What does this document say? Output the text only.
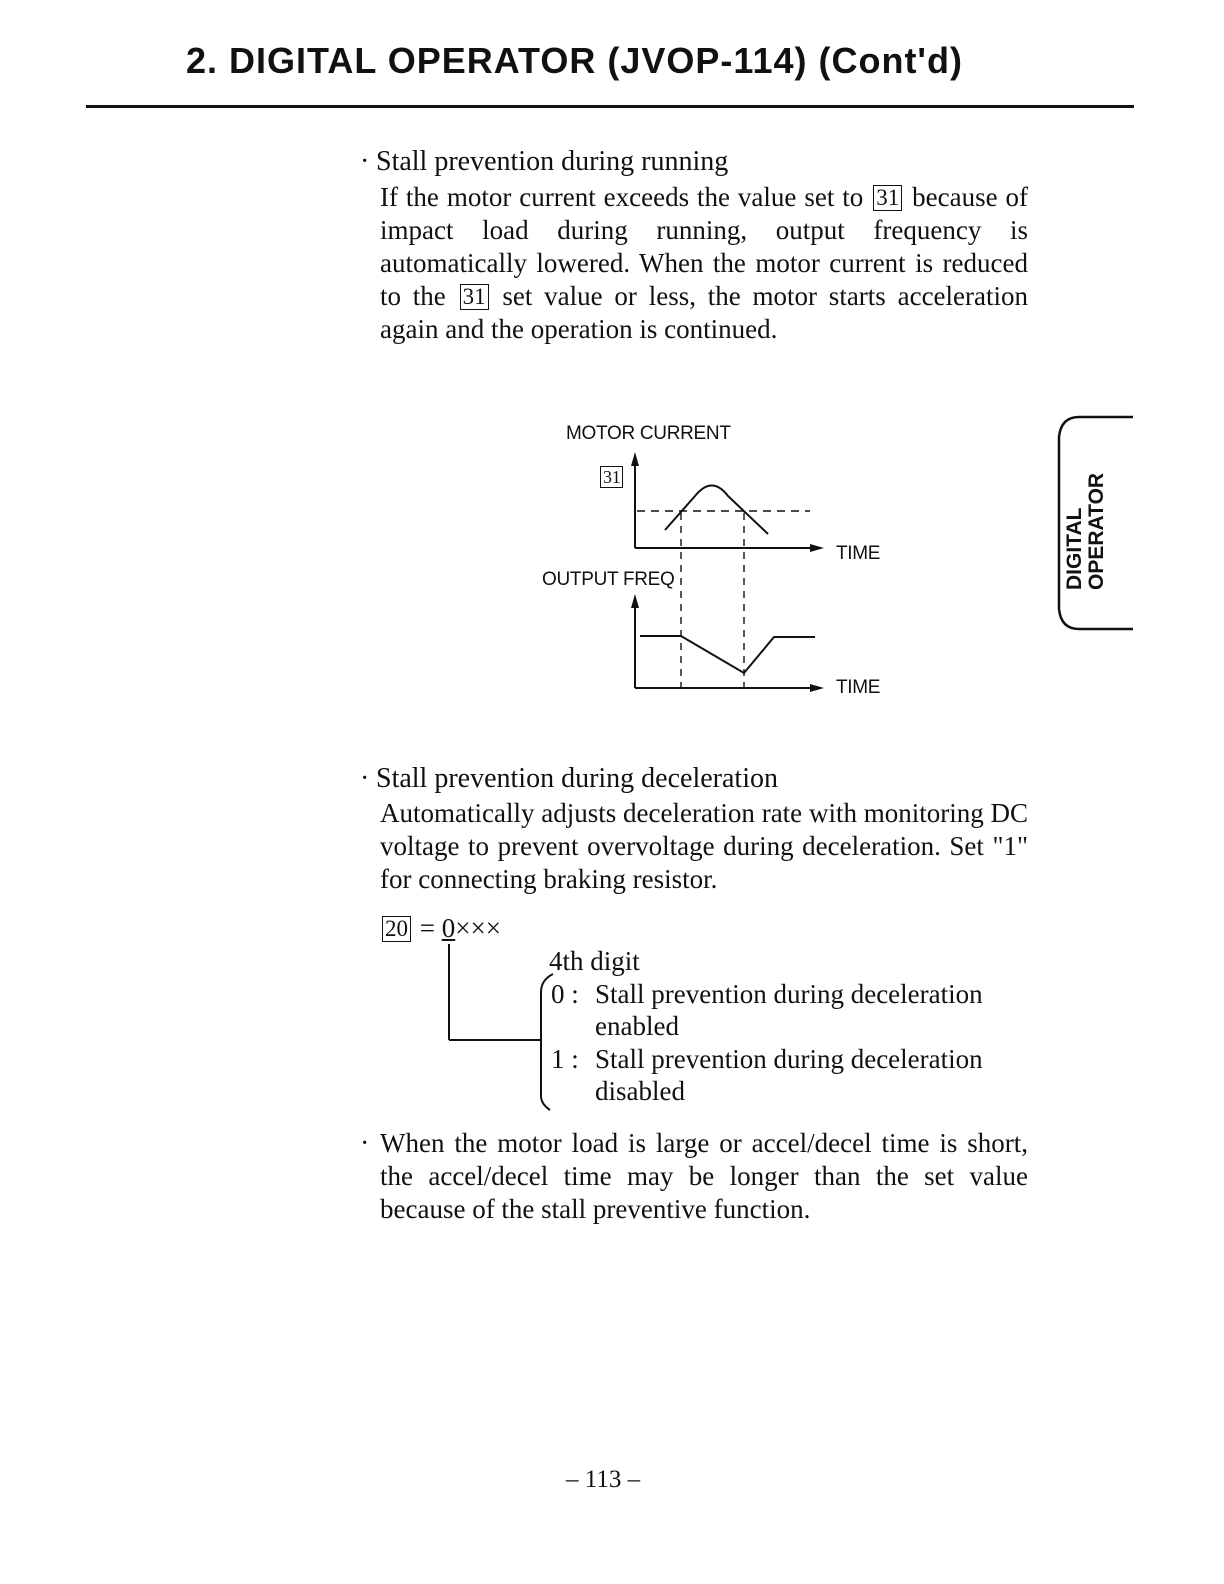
2. DIGITAL OPERATOR (JVOP-114) (Cont'd)
DIGITAL OPERATOR
· Stall prevention during running
If the motor current exceeds the value set to 31 because of impact load during running, output frequency is automatically lowered. When the motor current is reduced to the 31 set value or less, the motor starts acceleration again and the operation is continued.
MOTOR CURRENT
31
TIME
OUTPUT FREQ
TIME
· Stall prevention during deceleration
Automatically adjusts deceleration rate with monitoring DC voltage to prevent overvoltage during deceleration. Set "1" for connecting braking resistor.
20 = 0×××
4th digit
0 : Stall prevention during deceleration
enabled
1 : Stall prevention during deceleration
disabled
· When the motor load is large or accel/decel time is short, the accel/decel time may be longer than the set value because of the stall preventive function.
– 113 –
